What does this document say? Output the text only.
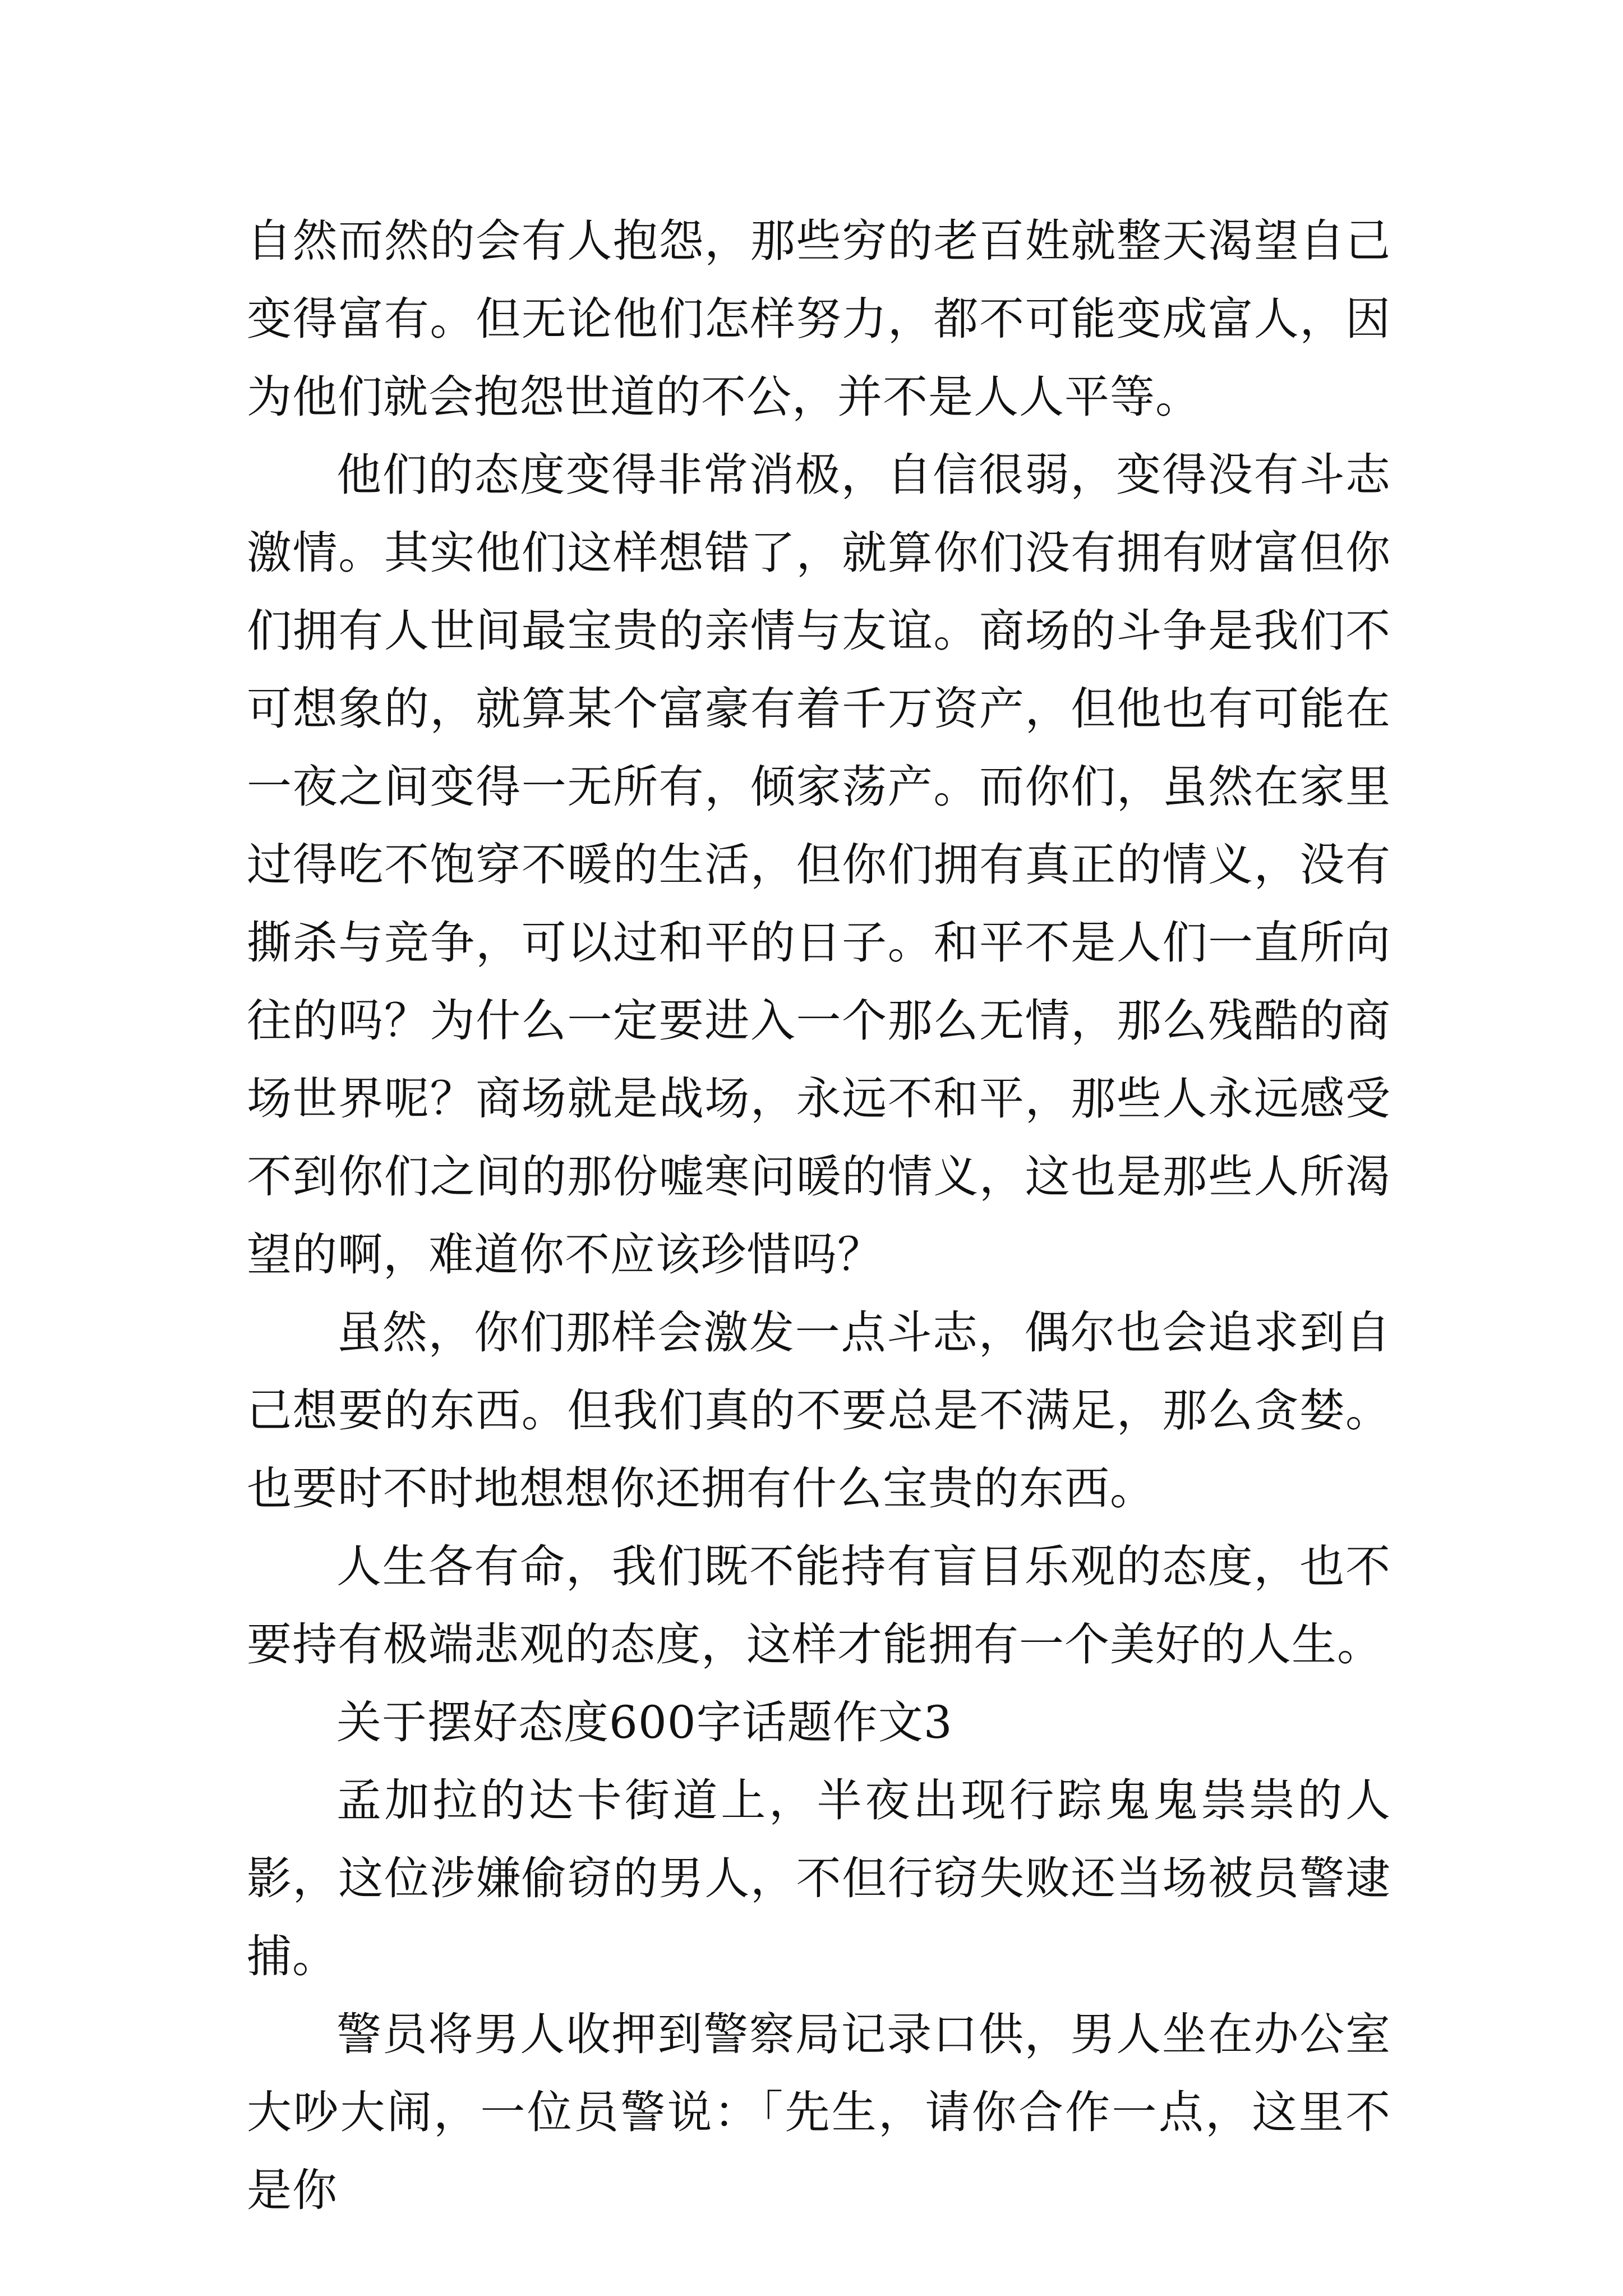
自然而然的会有人抱怨，那些穷的老百姓就整天渴望自己变得富有。但无论他们怎样努力，都不可能变成富人，因为他们就会抱怨世道的不公，并不是人人平等。

他们的态度变得非常消极，自信很弱，变得没有斗志激情。其实他们这样想错了，就算你们没有拥有财富但你们拥有人世间最宝贵的亲情与友谊。商场的斗争是我们不可想象的，就算某个富豪有着千万资产，但他也有可能在一夜之间变得一无所有，倾家荡产。而你们，虽然在家里过得吃不饱穿不暖的生活，但你们拥有真正的情义，没有撕杀与竞争，可以过和平的日子。和平不是人们一直所向往的吗？为什么一定要进入一个那么无情，那么残酷的商场世界呢？商场就是战场，永远不和平，那些人永远感受不到你们之间的那份嘘寒问暖的情义，这也是那些人所渴望的啊，难道你不应该珍惜吗？

虽然，你们那样会激发一点斗志，偶尔也会追求到自己想要的东西。但我们真的不要总是不满足，那么贪婪。也要时不时地想想你还拥有什么宝贵的东西。

人生各有命，我们既不能持有盲目乐观的态度，也不要持有极端悲观的态度，这样才能拥有一个美好的人生。

关于摆好态度600字话题作文3

孟加拉的达卡街道上，半夜出现行踪鬼鬼祟祟的人影，这位涉嫌偷窃的男人，不但行窃失败还当场被员警逮捕。

警员将男人收押到警察局记录口供，男人坐在办公室大吵大闹，一位员警说：「先生，请你合作一点，这里不是你
